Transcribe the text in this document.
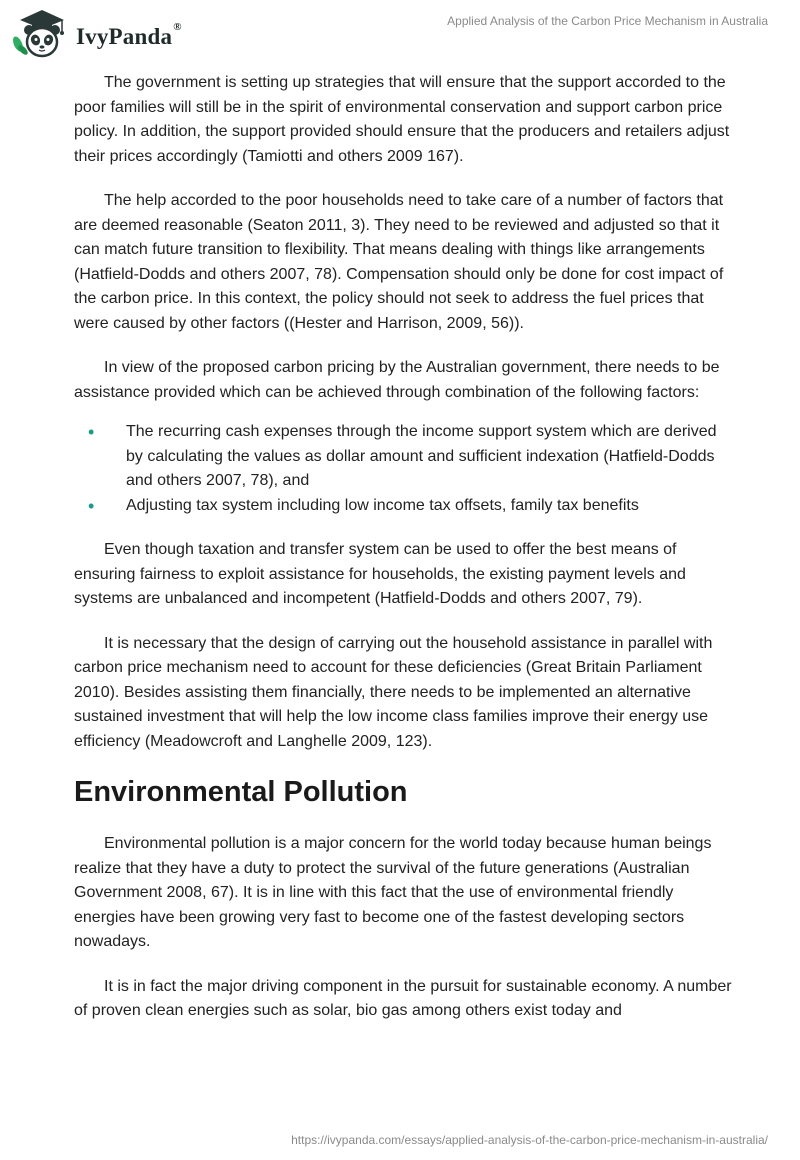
IvyPanda®	Applied Analysis of the Carbon Price Mechanism in Australia

The government is setting up strategies that will ensure that the support accorded to the poor families will still be in the spirit of environmental conservation and support carbon price policy. In addition, the support provided should ensure that the producers and retailers adjust their prices accordingly (Tamiotti and others 2009 167).

The help accorded to the poor households need to take care of a number of factors that are deemed reasonable (Seaton 2011, 3). They need to be reviewed and adjusted so that it can match future transition to flexibility. That means dealing with things like arrangements (Hatfield-Dodds and others 2007, 78). Compensation should only be done for cost impact of the carbon price. In this context, the policy should not seek to address the fuel prices that were caused by other factors ((Hester and Harrison, 2009, 56)).

In view of the proposed carbon pricing by the Australian government, there needs to be assistance provided which can be achieved through combination of the following factors:

• The recurring cash expenses through the income support system which are derived by calculating the values as dollar amount and sufficient indexation (Hatfield-Dodds and others 2007, 78), and
• Adjusting tax system including low income tax offsets, family tax benefits

Even though taxation and transfer system can be used to offer the best means of ensuring fairness to exploit assistance for households, the existing payment levels and systems are unbalanced and incompetent (Hatfield-Dodds and others 2007, 79).

It is necessary that the design of carrying out the household assistance in parallel with carbon price mechanism need to account for these deficiencies (Great Britain Parliament 2010). Besides assisting them financially, there needs to be implemented an alternative sustained investment that will help the low income class families improve their energy use efficiency (Meadowcroft and Langhelle 2009, 123).

Environmental Pollution

Environmental pollution is a major concern for the world today because human beings realize that they have a duty to protect the survival of the future generations (Australian Government 2008, 67). It is in line with this fact that the use of environmental friendly energies have been growing very fast to become one of the fastest developing sectors nowadays.

It is in fact the major driving component in the pursuit for sustainable economy. A number of proven clean energies such as solar, bio gas among others exist today and

https://ivypanda.com/essays/applied-analysis-of-the-carbon-price-mechanism-in-australia/
